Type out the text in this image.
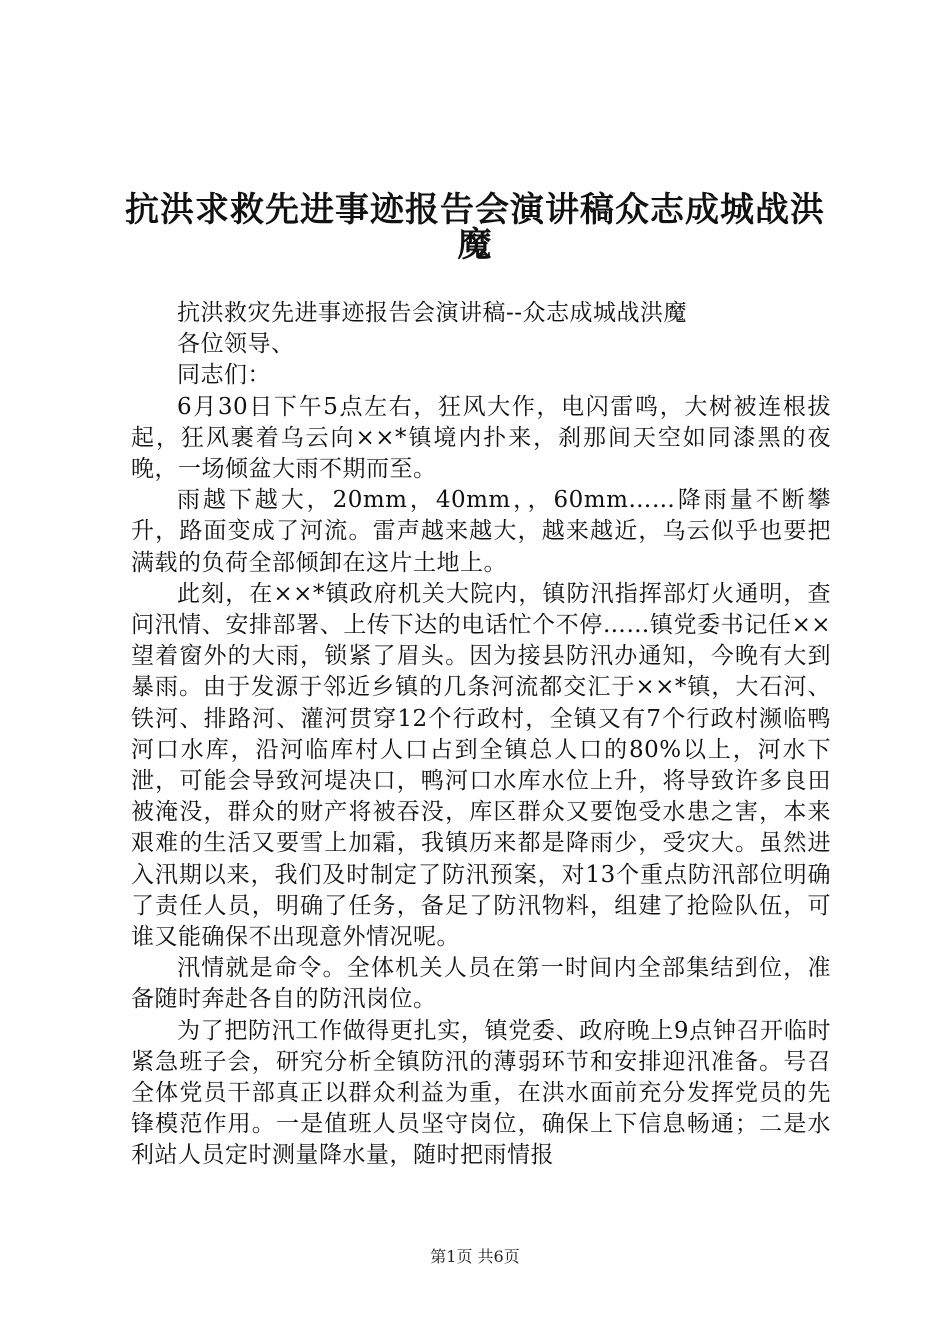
抗洪求救先进事迹报告会演讲稿众志成城战洪
魔

抗洪救灾先进事迹报告会演讲稿--众志成城战洪魔

各位领导、

同志们：

6月30日下午5点左右，狂风大作，电闪雷鸣，大树被连根拔起，狂风裹着乌云向××*镇境内扑来，刹那间天空如同漆黑的夜晚，一场倾盆大雨不期而至。

雨越下越大，20mm，40mm，，60mm……降雨量不断攀升，路面变成了河流。雷声越来越大，越来越近，乌云似乎也要把满载的负荷全部倾卸在这片土地上。

此刻，在××*镇政府机关大院内，镇防汛指挥部灯火通明，查问汛情、安排部署、上传下达的电话忙个不停……镇党委书记任××望着窗外的大雨，锁紧了眉头。因为接县防汛办通知，今晚有大到暴雨。由于发源于邻近乡镇的几条河流都交汇于××*镇，大石河、铁河、排路河、灌河贯穿12个行政村，全镇又有7个行政村濒临鸭河口水库，沿河临库村人口占到全镇总人口的80%以上，河水下泄，可能会导致河堤决口，鸭河口水库水位上升，将导致许多良田被淹没，群众的财产将被吞没，库区群众又要饱受水患之害，本来艰难的生活又要雪上加霜，我镇历来都是降雨少，受灾大。虽然进入汛期以来，我们及时制定了防汛预案，对13个重点防汛部位明确了责任人员，明确了任务，备足了防汛物料，组建了抢险队伍，可谁又能确保不出现意外情况呢。

汛情就是命令。全体机关人员在第一时间内全部集结到位，准备随时奔赴各自的防汛岗位。

为了把防汛工作做得更扎实，镇党委、政府晚上9点钟召开临时紧急班子会，研究分析全镇防汛的薄弱环节和安排迎汛准备。号召全体党员干部真正以群众利益为重，在洪水面前充分发挥党员的先锋模范作用。一是值班人员坚守岗位，确保上下信息畅通；二是水利站人员定时测量降水量，随时把雨情报

第1页 共6页
